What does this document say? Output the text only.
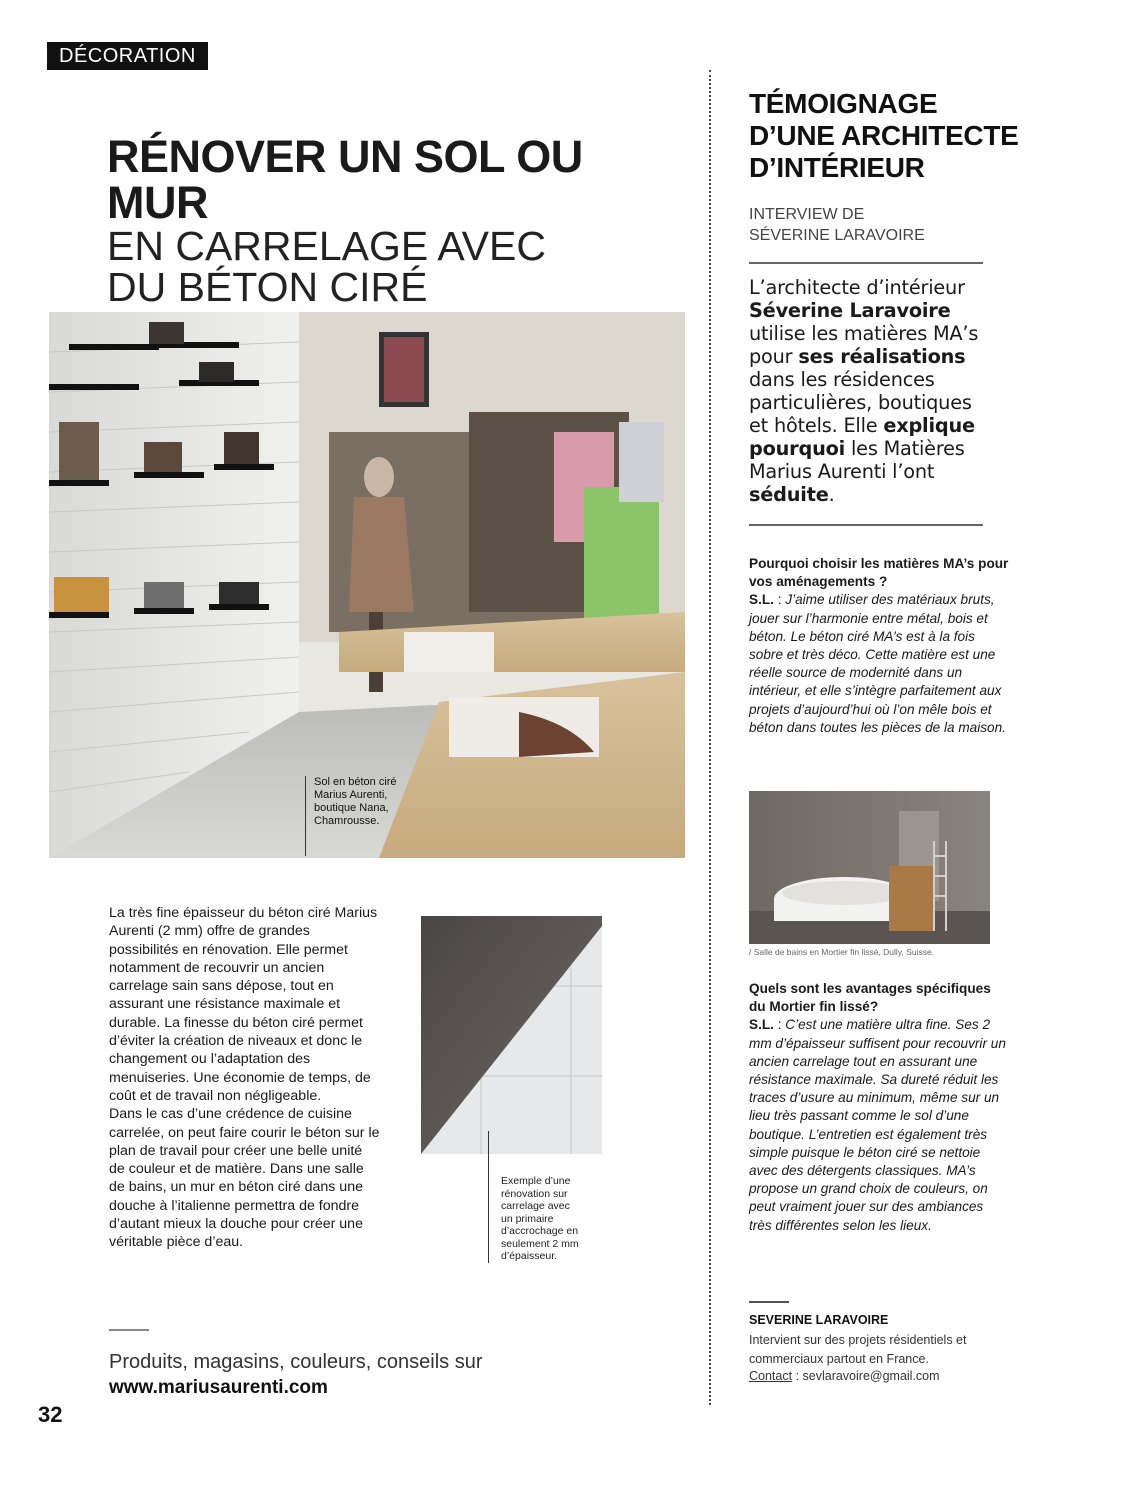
DÉCORATION
RÉNOVER UN SOL OU MUR
EN CARRELAGE AVEC
DU BÉTON CIRÉ
Sol en béton ciré
Marius Aurenti,
boutique Nana,
Chamrousse.
La très fine épaisseur du béton ciré Marius Aurenti (2 mm) offre de grandes possibilités en rénovation. Elle permet notamment de recouvrir un ancien carrelage sain sans dépose, tout en assurant une résistance maximale et durable. La finesse du béton ciré permet d’éviter la création de niveaux et donc le changement ou l’adaptation des menuiseries. Une économie de temps, de coût et de travail non négligeable.
Dans le cas d’une crédence de cuisine carrelée, on peut faire courir le béton sur le plan de travail pour créer une belle unité de couleur et de matière. Dans une salle de bains, un mur en béton ciré dans une douche à l’italienne permettra de fondre d’autant mieux la douche pour créer une véritable pièce d’eau.
Exemple d’une
rénovation sur
carrelage avec
un primaire
d’accrochage en
seulement 2 mm
d’épaisseur.
Produits, magasins, couleurs, conseils sur
www.mariusaurenti.com
32
TÉMOIGNAGE
D’UNE ARCHITECTE
D’INTÉRIEUR
INTERVIEW DE
SÉVERINE LARAVOIRE
L’architecte d’intérieur Séverine Laravoire utilise les matières MA’s pour ses réalisations dans les résidences particulières, boutiques et hôtels. Elle explique pourquoi les Matières Marius Aurenti l’ont séduite.
Pourquoi choisir les matières MA’s pour vos aménagements ?
S.L. : J’aime utiliser des matériaux bruts, jouer sur l’harmonie entre métal, bois et béton. Le béton ciré MA’s est à la fois sobre et très déco. Cette matière est une réelle source de modernité dans un intérieur, et elle s’intègre parfaitement aux projets d’aujourd’hui où l’on mêle bois et béton dans toutes les pièces de la maison.
/ Salle de bains en Mortier fin lissé, Dully, Suisse.
Quels sont les avantages spécifiques du Mortier fin lissé?
S.L. : C’est une matière ultra fine. Ses 2 mm d’épaisseur suffisent pour recouvrir un ancien carrelage tout en assurant une résistance maximale. Sa dureté réduit les traces d’usure au minimum, même sur un lieu très passant comme le sol d’une boutique. L’entretien est également très simple puisque le béton ciré se nettoie avec des détergents classiques. MA’s propose un grand choix de couleurs, on peut vraiment jouer sur des ambiances très différentes selon les lieux.
SEVERINE LARAVOIRE
Intervient sur des projets résidentiels et commerciaux partout en France.
Contact : sevlaravoire@gmail.com
